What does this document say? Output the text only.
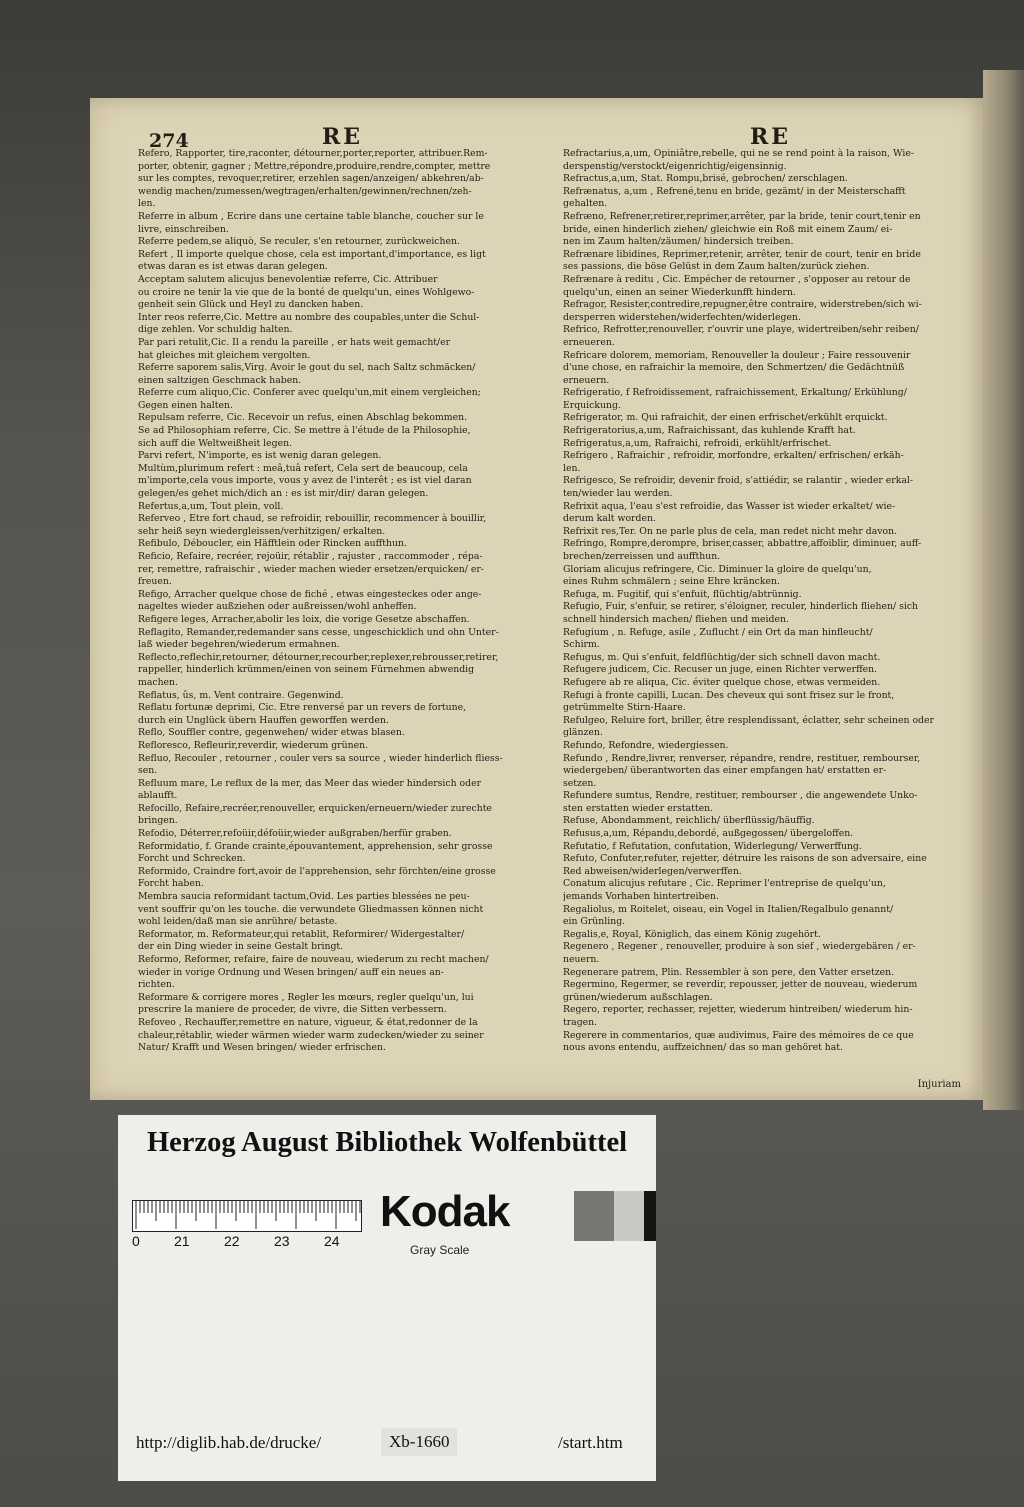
274	RE	RE

Refero, Rapporter, tire,raconter, détourner,porter,reporter, attribuer.Rem-

porter, obtenir, gagner ; Mettre,répondre,produire,rendre,compter, mettre

sur les comptes, revoquer,retirer, erzehlen sagen/anzeigen/ abkehren/ab-

wendig machen/zumessen/wegtragen/erhalten/gewinnen/rechnen/zeh-

len.

Referre in album , Ecrire dans une certaine table blanche, coucher sur le

livre, einschreiben.

Referre pedem,se aliquò, Se reculer, s'en retourner, zurückweichen.

Refert , Il importe quelque chose, cela est important,d'importance, es ligt

etwas daran es ist etwas daran gelegen.

Acceptam salutem alicujus benevolentiæ referre, Cic. Attribuer

ou croire ne tenir la vie que de la bonté de quelqu'un, eines Wohlgewo-

genheit sein Glück und Heyl zu dancken haben.

Inter reos referre,Cic. Mettre au nombre des coupables,unter die Schul-

dige zehlen. Vor schuldig halten.

Par pari retulit,Cic. Il a rendu la pareille , er hats weit gemacht/er

hat gleiches mit gleichem vergolten.

Referre saporem salis,Virg. Avoir le gout du sel, nach Saltz schmäcken/

einen saltzigen Geschmack haben.

Referre cum aliquo,Cic. Conferer avec quelqu'un,mit einem vergleichen;

Gegen einen halten.

Repulsam referre, Cic. Recevoir un refus, einen Abschlag bekommen.

Se ad Philosophiam referre, Cic. Se mettre à l'étude de la Philosophie,

sich auff die Weltweißheit legen.

Parvi refert, N'importe, es ist wenig daran gelegen.

Multùm,plurimum refert : meâ,tuâ refert, Cela sert de beaucoup, cela

m'importe,cela vous importe, vous y avez de l'interêt ; es ist viel daran

gelegen/es gehet mich/dich an : es ist mir/dir/ daran gelegen.

Refertus,a,um, Tout plein, voll.

Referveo , Etre fort chaud, se refroidir, rebouillir, recommencer à bouillir,

sehr heiß seyn wiedergleissen/verhitzigen/ erkalten.

Refibulo, Déboucler, ein Häfftlein oder Rincken auffthun.

Reficio, Refaire, recréer, rejoüir, rétablir , rajuster , raccommoder , répa-

rer, remettre, rafraischir , wieder machen wieder ersetzen/erquicken/ er-

freuen.

Refigo, Arracher quelque chose de fiché , etwas eingesteckes oder ange-

nageltes wieder außziehen oder außreissen/wohl anheffen.

Refigere leges, Arracher,abolir les loix, die vorige Gesetze abschaffen.

Reflagito, Remander,redemander sans cesse, ungeschicklich und ohn Unter-

laß wieder begehren/wiederum ermahnen.

Reflecto,reflechir,retourner, détourner,recourber,replexer,rebrousser,retirer,

rappeller, hinderlich krümmen/einen von seinem Fürnehmen abwendig

machen.

Reflatus, ûs, m. Vent contraire. Gegenwind.

Reflatu fortunæ deprimi, Cic. Etre renversé par un revers de fortune,

durch ein Unglück übern Hauffen geworffen werden.

Reflo, Souffler contre, gegenwehen/ wider etwas blasen.

Refloresco, Refleurir,reverdir, wiederum grünen.

Refluo, Recouler , retourner , couler vers sa source , wieder hinderlich fliess-

sen.

Refluum mare, Le reflux de la mer, das Meer das wieder hindersich oder

ablaufft.

Refocillo, Refaire,recréer,renouveller, erquicken/erneuern/wieder zurechte

bringen.

Refodio, Déterrer,refoüir,défoüir,wieder außgraben/herfür graben.

Reformidatio, f. Grande crainte,épouvantement, apprehension, sehr grosse

Forcht und Schrecken.

Reformido, Craindre fort,avoir de l'apprehension, sehr förchten/eine grosse

Forcht haben.

Membra saucia reformidant tactum,Ovid. Les parties blessées ne peu-

vent souffrir qu'on les touche. die verwundete Gliedmassen können nicht

wohl leiden/daß man sie anrühre/ betaste.

Reformator, m. Reformateur,qui retablit, Reformirer/ Widergestalter/

der ein Ding wieder in seine Gestalt bringt.

Reformo, Reformer, refaire, faire de nouveau, wiederum zu recht machen/

wieder in vorige Ordnung und Wesen bringen/ auff ein neues an-

richten.

Reformare & corrigere mores , Regler les mœurs, regler quelqu'un, lui

prescrire la maniere de proceder, de vivre, die Sitten verbessern.

Refoveo , Rechauffer,remettre en nature, vigueur, & état,redonner de la

chaleur,rétablir, wieder wärmen wieder warm zudecken/wieder zu seiner

Natur/ Krafft und Wesen bringen/ wieder erfrischen.

Refractarius,a,um, Opiniâtre,rebelle, qui ne se rend point à la raison, Wie-

derspenstig/verstockt/eigenrichtig/eigensinnig.

Refractus,a,um, Stat. Rompu,brisé, gebrochen/ zerschlagen.

Refrænatus, a,um , Refrené,tenu en bride, gezämt/ in der Meisterschafft

gehalten.

Refræno, Refrener,retirer,reprimer,arrêter, par la bride, tenir court,tenir en

bride, einen hinderlich ziehen/ gleichwie ein Roß mit einem Zaum/ ei-

nen im Zaum halten/zäumen/ hindersich treiben.

Refrænare libidines, Reprimer,retenir, arrêter, tenir de court, tenir en bride

ses passions, die böse Gelüst in dem Zaum halten/zurück ziehen.

Refrænare à reditu , Cic. Empécher de retourner , s'opposer au retour de

quelqu'un, einen an seiner Wiederkunfft hindern.

Refragor, Resister,contredire,repugner,être contraire, widerstreben/sich wi-

dersperren widerstehen/widerfechten/widerlegen.

Refrico, Refrotter,renouveller, r'ouvrir une playe, widertreiben/sehr reiben/

erneueren.

Refricare dolorem, memoriam, Renouveller la douleur ; Faire ressouvenir

d'une chose, en rafraichir la memoire, den Schmertzen/ die Gedächtnüß

erneuern.

Refrigeratio, f Refroidissement, rafraichissement, Erkaltung/ Erkühlung/

Erquickung.

Refrigerator, m. Qui rafraichit, der einen erfrischet/erkühlt erquickt.

Refrigeratorius,a,um, Rafraichissant, das kuhlende Krafft hat.

Refrigeratus,a,um, Rafraichi, refroidi, erkühlt/erfrischet.

Refrigero , Rafraichir , refroidir, morfondre, erkalten/ erfrischen/ erkäh-

len.

Refrigesco, Se refroidir, devenir froid, s'attiédir, se ralantir , wieder erkal-

ten/wieder lau werden.

Refrixit aqua, l'eau s'est refroidie, das Wasser ist wieder erkaltet/ wie-

derum kalt worden.

Refrixit res,Ter. On ne parle plus de cela, man redet nicht mehr davon.

Refringo, Rompre,derompre, briser,casser, abbattre,affoiblir, diminuer, auff-

brechen/zerreissen und auffthun.

Gloriam alicujus refringere, Cic. Diminuer la gloire de quelqu'un,

eines Ruhm schmälern ; seine Ehre kräncken.

Refuga, m. Fugitif, qui s'enfuit, flüchtig/abtrünnig.

Refugio, Fuir, s'enfuir, se retirer, s'éloigner, reculer, hinderlich fliehen/ sich

schnell hindersich machen/ fliehen und meiden.

Refugium , n. Refuge, asile , Zuflucht / ein Ort da man hinfleucht/

Schirm.

Refugus, m. Qui s'enfuit, feldflüchtig/der sich schnell davon macht.

Refugere judicem, Cic. Recuser un juge, einen Richter verwerffen.

Refugere ab re aliqua, Cic. éviter quelque chose, etwas vermeiden.

Refugi à fronte capilli, Lucan. Des cheveux qui sont frisez sur le front,

getrümmelte Stirn-Haare.

Refulgeo, Reluire fort, briller, être resplendissant, éclatter, sehr scheinen oder

glänzen.

Refundo, Refondre, wiedergiessen.

Refundo , Rendre,livrer, renverser, répandre, rendre, restituer, rembourser,

wiedergeben/ überantworten das einer empfangen hat/ erstatten er-

setzen.

Refundere sumtus, Rendre, restituer, rembourser , die angewendete Unko-

sten erstatten wieder erstatten.

Refuse, Abondamment, reichlich/ überflüssig/häuffig.

Refusus,a,um, Répandu,debordé, außgegossen/ übergeloffen.

Refutatio, f Refutation, confutation, Widerlegung/ Verwerffung.

Refuto, Confuter,refuter, rejetter, détruire les raisons de son adversaire, eine

Red abweisen/widerlegen/verwerffen.

Conatum alicujus refutare , Cic. Reprimer l'entreprise de quelqu'un,

jemands Vorhaben hintertreiben.

Regaliolus, m Roitelet, oiseau, ein Vogel in Italien/Regalbulo genannt/

ein Grünling.

Regalis,e, Royal, Königlich, das einem König zugehört.

Regenero , Regener , renouveller, produire à son sief , wiedergebären / er-

neuern.

Regenerare patrem, Plin. Ressembler à son pere, den Vatter ersetzen.

Regermino, Regermer, se reverdir, repousser, jetter de nouveau, wiederum

grünen/wiederum außschlagen.

Regero, reporter, rechasser, rejetter, wiederum hintreiben/ wiederum hin-

tragen.

Regerere in commentarios, quæ audivimus, Faire des mémoires de ce que

nous avons entendu, auffzeichnen/ das so man gehöret hat.

Injuriam
Herzog August Bibliothek Wolfenbüttel
0 21 22 23 24
Kodak
Gray Scale
http://diglib.hab.de/drucke/	Xb-1660	/start.htm
